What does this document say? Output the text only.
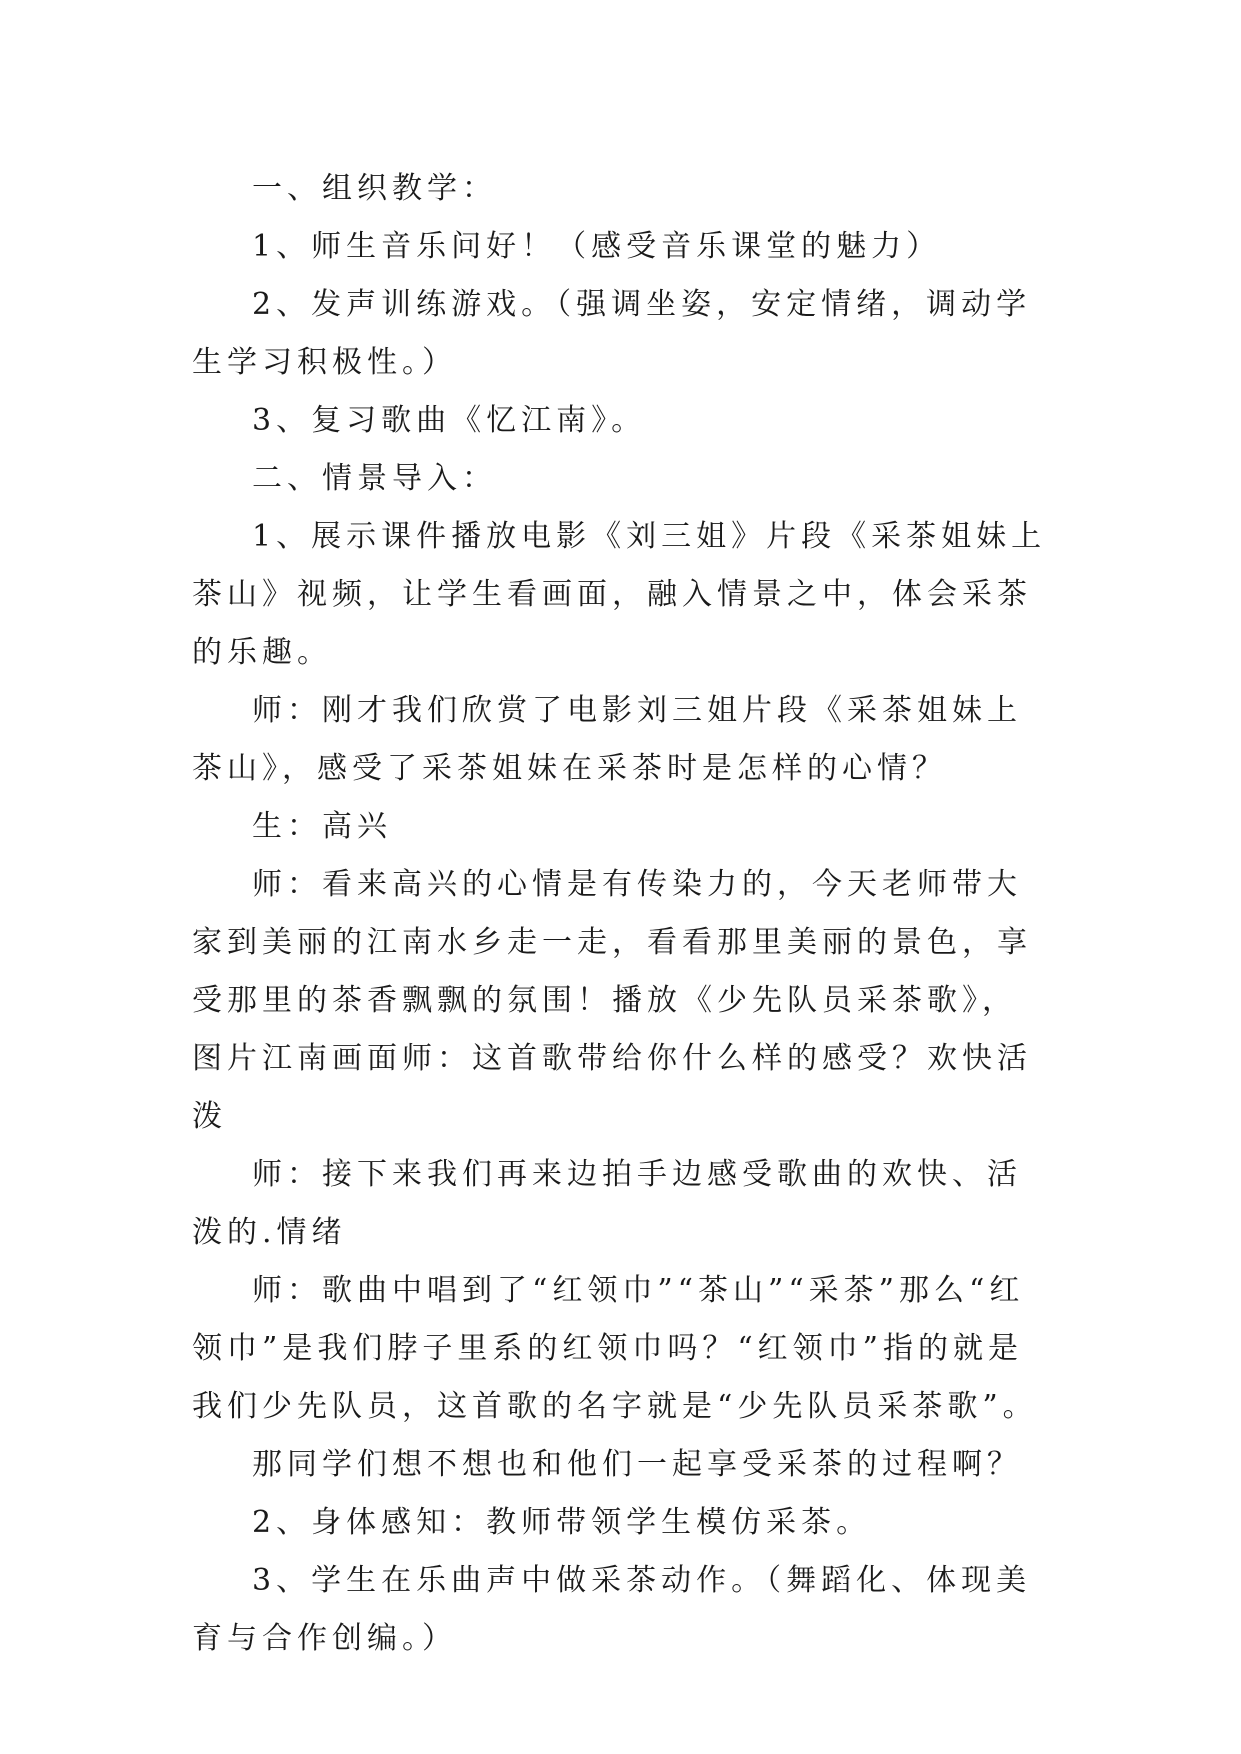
一、组织教学：

1、师生音乐问好！（感受音乐课堂的魅力）

2、发声训练游戏。（强调坐姿，安定情绪，调动学生学习积极性。）

3、复习歌曲《忆江南》。

二、情景导入：

1、展示课件播放电影《刘三姐》片段《采茶姐妹上茶山》视频，让学生看画面，融入情景之中，体会采茶的乐趣。

师：刚才我们欣赏了电影刘三姐片段《采茶姐妹上茶山》，感受了采茶姐妹在采茶时是怎样的心情？

生：高兴

师：看来高兴的心情是有传染力的，今天老师带大家到美丽的江南水乡走一走，看看那里美丽的景色，享受那里的茶香飘飘的氛围！播放《少先队员采茶歌》，图片江南画面师：这首歌带给你什么样的感受？欢快活泼

师：接下来我们再来边拍手边感受歌曲的欢快、活泼的.情绪

师：歌曲中唱到了“红领巾”“茶山”“采茶”那么“红领巾”是我们脖子里系的红领巾吗？“红领巾”指的就是我们少先队员，这首歌的名字就是“少先队员采茶歌”。

那同学们想不想也和他们一起享受采茶的过程啊？

2、身体感知：教师带领学生模仿采茶。

3、学生在乐曲声中做采茶动作。（舞蹈化、体现美育与合作创编。）
